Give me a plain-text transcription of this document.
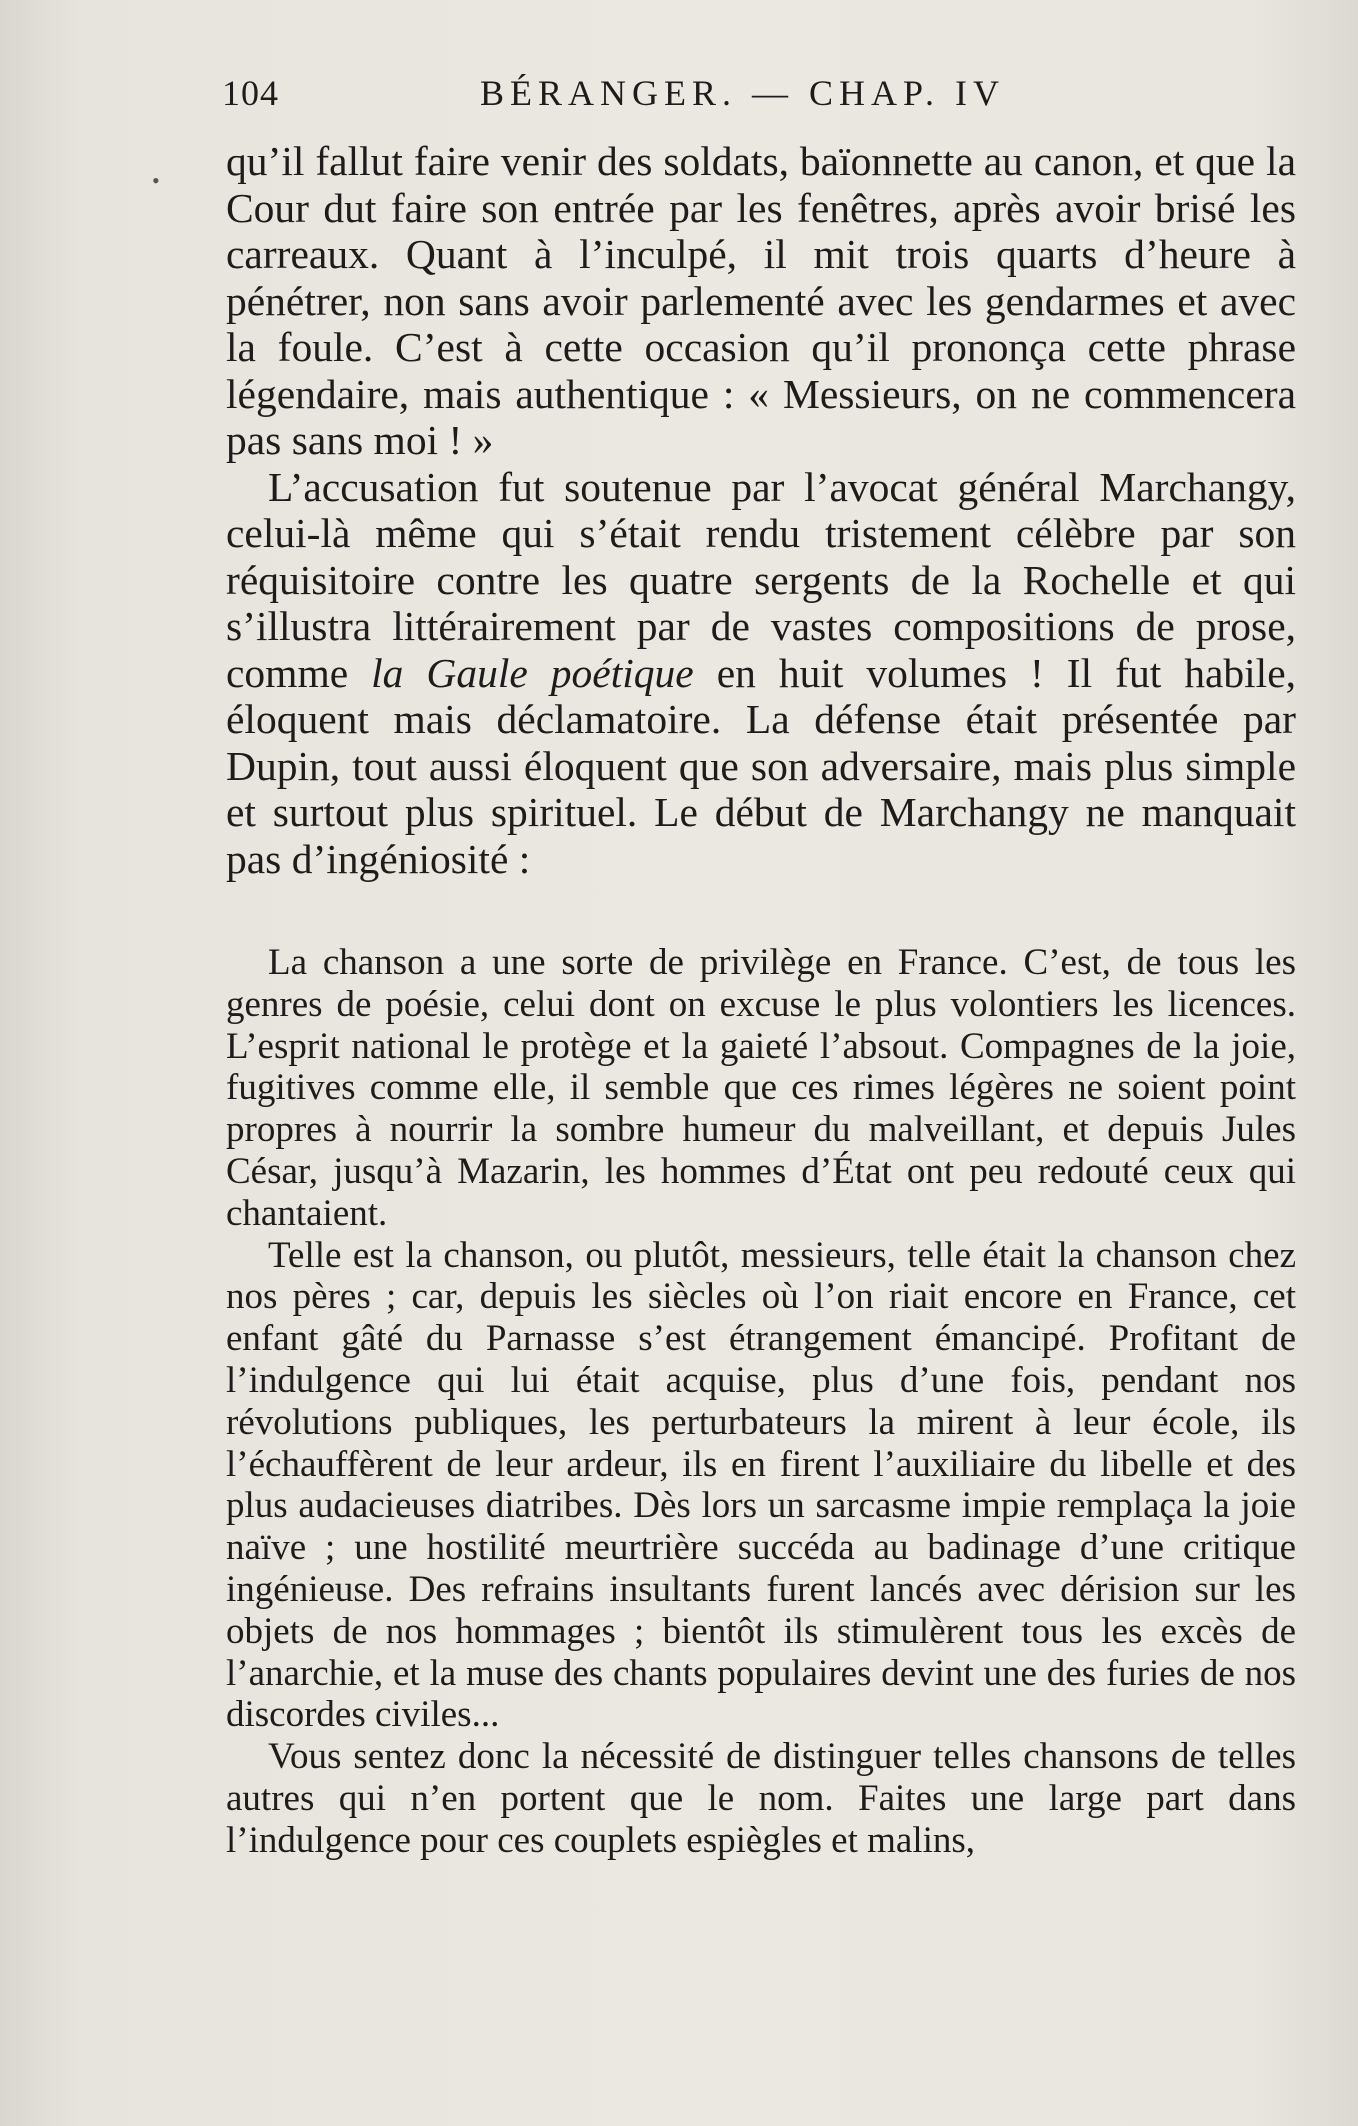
104	BÉRANGER. — CHAP. IV
• qu’il fallut faire venir des soldats, baïonnette au canon, et que la Cour dut faire son entrée par les fenêtres, après avoir brisé les carreaux. Quant à l’inculpé, il mit trois quarts d’heure à pénétrer, non sans avoir parlementé avec les gendarmes et avec la foule. C’est à cette occasion qu’il prononça cette phrase légendaire, mais authentique : « Messieurs, on ne commencera pas sans moi ! »

L’accusation fut soutenue par l’avocat général Marchangy, celui-là même qui s’était rendu tristement célèbre par son réquisitoire contre les quatre sergents de la Rochelle et qui s’illustra littérairement par de vastes compositions de prose, comme la Gaule poétique en huit volumes ! Il fut habile, éloquent mais déclamatoire. La défense était présentée par Dupin, tout aussi éloquent que son adversaire, mais plus simple et surtout plus spirituel. Le début de Marchangy ne manquait pas d’ingéniosité :

La chanson a une sorte de privilège en France. C’est, de tous les genres de poésie, celui dont on excuse le plus volontiers les licences. L’esprit national le protège et la gaieté l’absout. Compagnes de la joie, fugitives comme elle, il semble que ces rimes légères ne soient point propres à nourrir la sombre humeur du malveillant, et depuis Jules César, jusqu’à Mazarin, les hommes d’État ont peu redouté ceux qui chantaient.

Telle est la chanson, ou plutôt, messieurs, telle était la chanson chez nos pères ; car, depuis les siècles où l’on riait encore en France, cet enfant gâté du Parnasse s’est étrangement émancipé. Profitant de l’indulgence qui lui était acquise, plus d’une fois, pendant nos révolutions publiques, les perturbateurs la mirent à leur école, ils l’échauffèrent de leur ardeur, ils en firent l’auxiliaire du libelle et des plus audacieuses diatribes. Dès lors un sarcasme impie remplaça la joie naïve ; une hostilité meurtrière succéda au badinage d’une critique ingénieuse. Des refrains insultants furent lancés avec dérision sur les objets de nos hommages ; bientôt ils stimulèrent tous les excès de l’anarchie, et la muse des chants populaires devint une des furies de nos discordes civiles...

Vous sentez donc la nécessité de distinguer telles chansons de telles autres qui n’en portent que le nom. Faites une large part dans l’indulgence pour ces couplets espiègles et malins,
